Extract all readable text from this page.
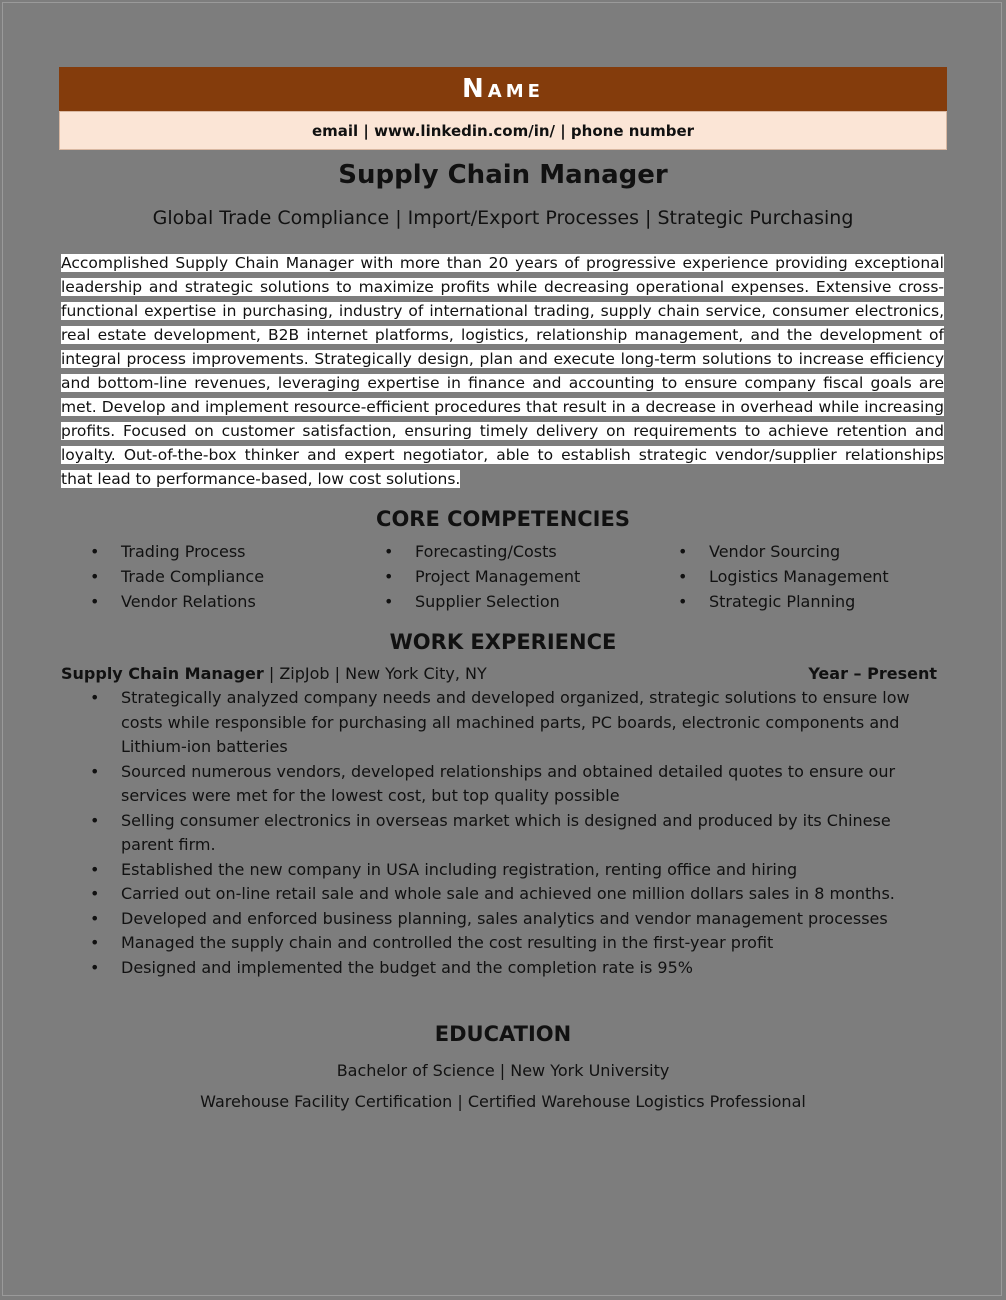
Name
email | www.linkedin.com/in/ | phone number
Supply Chain Manager
Global Trade Compliance | Import/Export Processes | Strategic Purchasing
Accomplished Supply Chain Manager with more than 20 years of progressive experience providing exceptional leadership and strategic solutions to maximize profits while decreasing operational expenses. Extensive cross-functional expertise in purchasing, industry of international trading, supply chain service, consumer electronics, real estate development, B2B internet platforms, logistics, relationship management, and the development of integral process improvements. Strategically design, plan and execute long-term solutions to increase efficiency and bottom-line revenues, leveraging expertise in finance and accounting to ensure company fiscal goals are met. Develop and implement resource-efficient procedures that result in a decrease in overhead while increasing profits. Focused on customer satisfaction, ensuring timely delivery on requirements to achieve retention and loyalty. Out-of-the-box thinker and expert negotiator, able to establish strategic vendor/supplier relationships that lead to performance-based, low cost solutions.
CORE COMPETENCIES
• Trading Process	• Forecasting/Costs	• Vendor Sourcing
• Trade Compliance	• Project Management	• Logistics Management
• Vendor Relations	• Supplier Selection	• Strategic Planning
WORK EXPERIENCE
Supply Chain Manager | ZipJob | New York City, NY	Year – Present
• Strategically analyzed company needs and developed organized, strategic solutions to ensure low costs while responsible for purchasing all machined parts, PC boards, electronic components and Lithium-ion batteries
• Sourced numerous vendors, developed relationships and obtained detailed quotes to ensure our services were met for the lowest cost, but top quality possible
• Selling consumer electronics in overseas market which is designed and produced by its Chinese parent firm.
• Established the new company in USA including registration, renting office and hiring
• Carried out on-line retail sale and whole sale and achieved one million dollars sales in 8 months.
• Developed and enforced business planning, sales analytics and vendor management processes
• Managed the supply chain and controlled the cost resulting in the first-year profit
• Designed and implemented the budget and the completion rate is 95%
EDUCATION
Bachelor of Science | New York University
Warehouse Facility Certification | Certified Warehouse Logistics Professional
